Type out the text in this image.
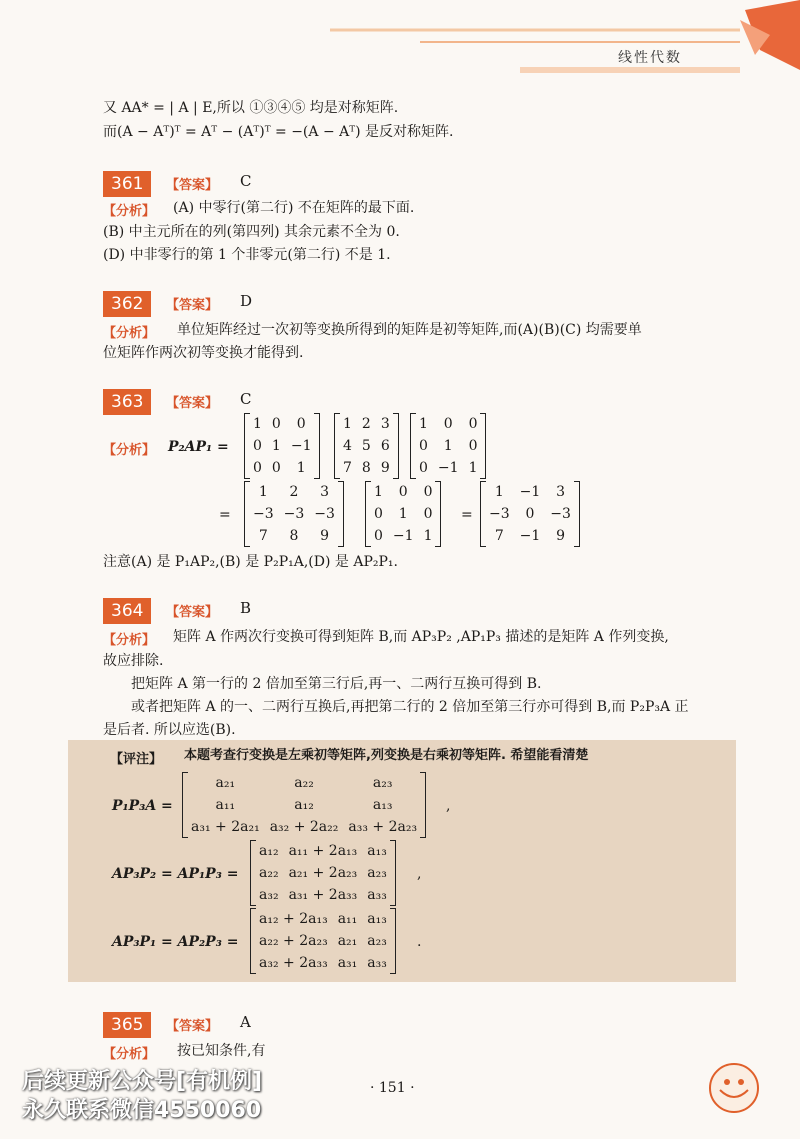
线性代数
又 AA* = | A | E,所以 ①③④⑤ 均是对称矩阵.
而(A − Aᵀ)ᵀ = Aᵀ − (Aᵀ)ᵀ = −(A − Aᵀ) 是反对称矩阵.
361	【答案】 C
【分析】 (A) 中零行(第二行) 不在矩阵的最下面.
(B) 中主元所在的列(第四列) 其余元素不全为 0.
(D) 中非零行的第 1 个非零元(第二行) 不是 1.
362	【答案】 D
【分析】 单位矩阵经过一次初等变换所得到的矩阵是初等矩阵,而(A)(B)(C) 均需要单
位矩阵作两次初等变换才能得到.
363	【答案】 C
【分析】 P₂AP₁ =
1	0	0
0	1	−1
0	0	1
1	2	3
4	5	6
7	8	9
1	0	0
0	1	0
0	−1	1
=
1	2	3
−3	−3	−3
7	8	9
1	0	0
0	1	0
0	−1	1
=
1	−1	3
−3	0	−3
7	−1	9
注意(A) 是 P₁AP₂,(B) 是 P₂P₁A,(D) 是 AP₂P₁.
364	【答案】 B
【分析】 矩阵 A 作两次行变换可得到矩阵 B,而 AP₃P₂ ,AP₁P₃ 描述的是矩阵 A 作列变换,
故应排除.
把矩阵 A 第一行的 2 倍加至第三行后,再一、二两行互换可得到 B.
或者把矩阵 A 的一、二两行互换后,再把第二行的 2 倍加至第三行亦可得到 B,而 P₂P₃A 正
是后者. 所以应选(B).
【评注】 本题考查行变换是左乘初等矩阵,列变换是右乘初等矩阵. 希望能看清楚
P₁P₃A =
a₂₁	a₂₂	a₂₃
a₁₁	a₁₂	a₁₃
a₃₁ + 2a₂₁	a₃₂ + 2a₂₂	a₃₃ + 2a₂₃
,
AP₃P₂ = AP₁P₃ =
a₁₂	a₁₁ + 2a₁₃	a₁₃
a₂₂	a₂₁ + 2a₂₃	a₂₃
a₃₂	a₃₁ + 2a₃₃	a₃₃
,
AP₃P₁ = AP₂P₃ =
a₁₂ + 2a₁₃	a₁₁	a₁₃
a₂₂ + 2a₂₃	a₂₁	a₂₃
a₃₂ + 2a₃₃	a₃₁	a₃₃
.
365	【答案】 A
【分析】 按已知条件,有
· 151 ·
后续更新公众号[有机例]
永久联系微信4550060
